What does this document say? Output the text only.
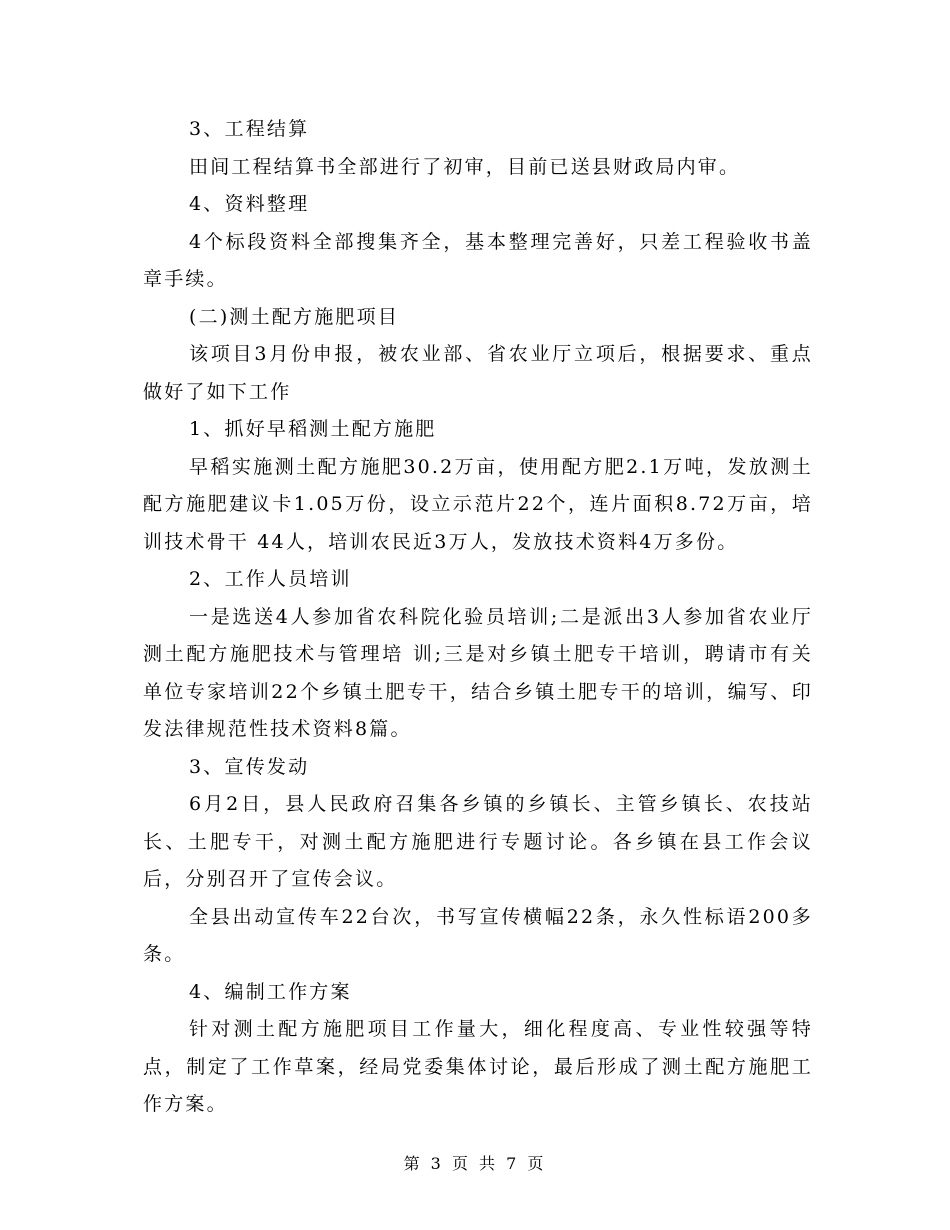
3、工程结算

田间工程结算书全部进行了初审，目前已送县财政局内审。

4、资料整理

4个标段资料全部搜集齐全，基本整理完善好，只差工程验收书盖章手续。

(二)测土配方施肥项目

该项目3月份申报，被农业部、省农业厅立项后，根据要求、重点做好了如下工作

1、抓好早稻测土配方施肥

早稻实施测土配方施肥30.2万亩，使用配方肥2.1万吨，发放测土配方施肥建议卡1.05万份，设立示范片22个，连片面积8.72万亩，培训技术骨干 44人，培训农民近3万人，发放技术资料4万多份。

2、工作人员培训

一是选送4人参加省农科院化验员培训;二是派出3人参加省农业厅测土配方施肥技术与管理培 训;三是对乡镇土肥专干培训，聘请市有关单位专家培训22个乡镇土肥专干，结合乡镇土肥专干的培训，编写、印发法律规范性技术资料8篇。

3、宣传发动

6月2日，县人民政府召集各乡镇的乡镇长、主管乡镇长、农技站长、土肥专干，对测土配方施肥进行专题讨论。各乡镇在县工作会议后，分别召开了宣传会议。

全县出动宣传车22台次，书写宣传横幅22条，永久性标语200多条。

4、编制工作方案

针对测土配方施肥项目工作量大，细化程度高、专业性较强等特点，制定了工作草案，经局党委集体讨论，最后形成了测土配方施肥工作方案。

第 3 页 共 7 页
